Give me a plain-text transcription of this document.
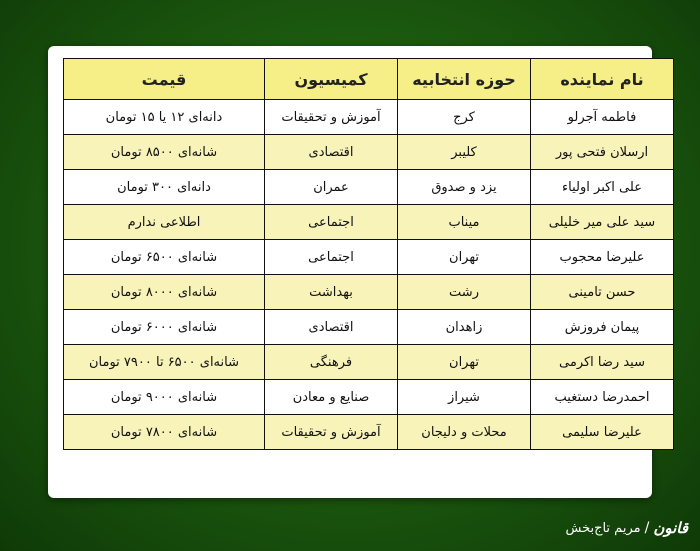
نام نماینده	حوزه انتخابیه	کمیسیون	قیمت
فاطمه آجرلو	کرج	آموزش و تحقیقات	دانه‌ای ۱۲ یا ۱۵ تومان
ارسلان فتحی پور	کلیبر	اقتصادی	شانه‌ای ۸۵۰۰ تومان
علی اکبر اولیاء	یزد و صدوق	عمران	دانه‌ای ۳۰۰ تومان
سید علی میر خلیلی	میناب	اجتماعی	اطلاعی ندارم
علیرضا محجوب	تهران	اجتماعی	شانه‌ای ۶۵۰۰ تومان
حسن تامینی	رشت	بهداشت	شانه‌ای ۸۰۰۰ تومان
پیمان فروزش	زاهدان	اقتصادی	شانه‌ای ۶۰۰۰ تومان
سید رضا اکرمی	تهران	فرهنگی	شانه‌ای ۶۵۰۰ تا ۷۹۰۰ تومان
احمدرضا دستغیب	شیراز	صنایع و معادن	شانه‌ای ۹۰۰۰ تومان
علیرضا سلیمی	محلات و دلیجان	آموزش و تحقیقات	شانه‌ای ۷۸۰۰ تومان
قانون
/
مریم تاج‌بخش
